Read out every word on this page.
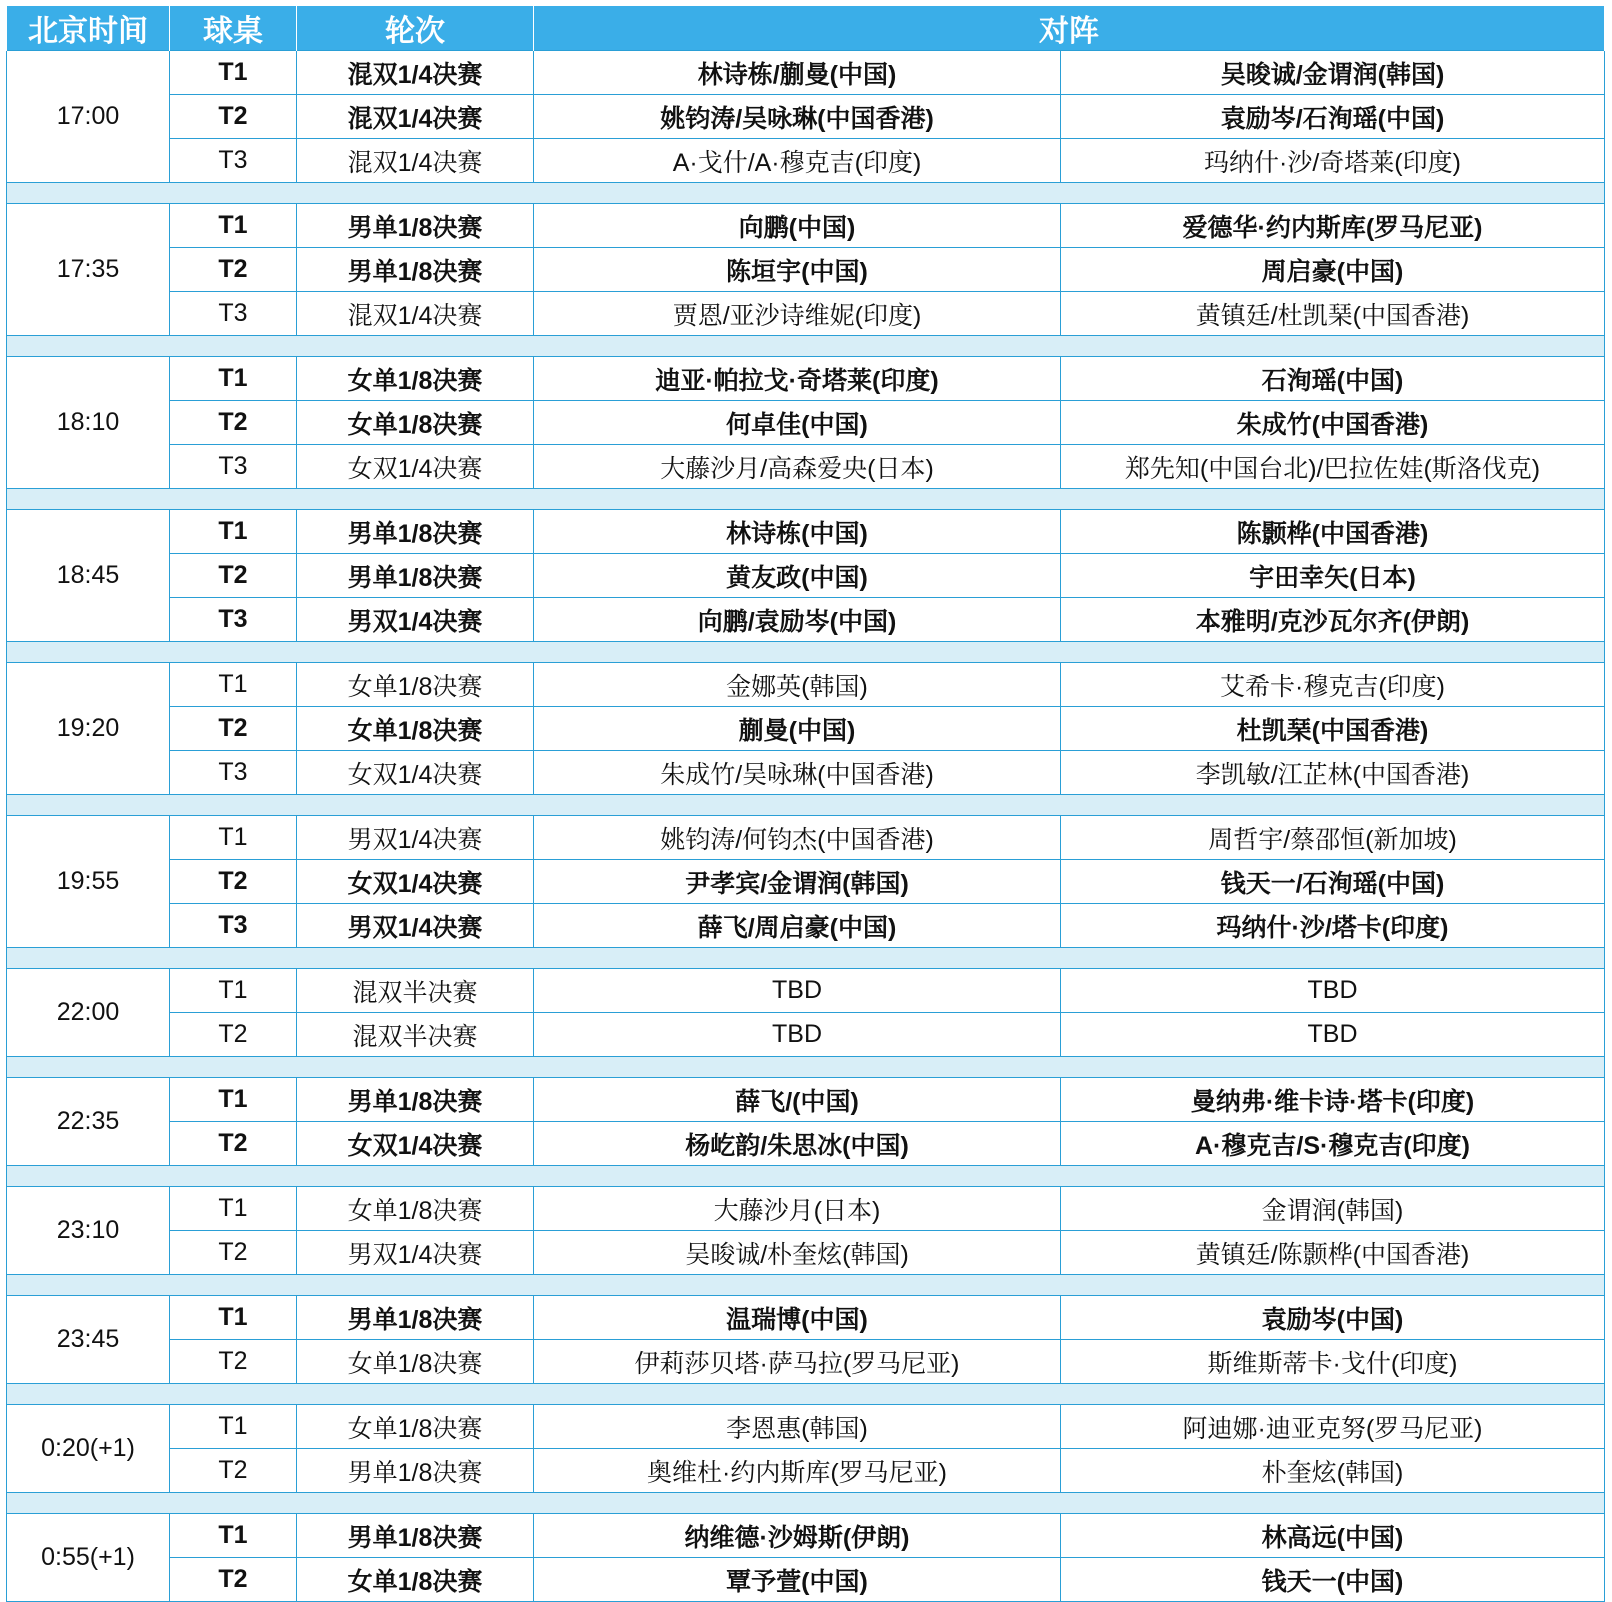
北京时间	球桌	轮次	对阵	
17:00	T1	混双1/4决赛	林诗栋/蒯曼(中国)	吴晙诚/金谓润(韩国)
	T2	混双1/4决赛	姚钧涛/吴咏琳(中国香港)	袁励岑/石洵瑶(中国)
	T3	混双1/4决赛	A·戈什/A·穆克吉(印度)	玛纳什·沙/奇塔莱(印度)

17:35	T1	男单1/8决赛	向鹏(中国)	爱德华·约内斯库(罗马尼亚)
	T2	男单1/8决赛	陈垣宇(中国)	周启豪(中国)
	T3	混双1/4决赛	贾恩/亚沙诗维妮(印度)	黄镇廷/杜凯琹(中国香港)

18:10	T1	女单1/8决赛	迪亚·帕拉戈·奇塔莱(印度)	石洵瑶(中国)
	T2	女单1/8决赛	何卓佳(中国)	朱成竹(中国香港)
	T3	女双1/4决赛	大藤沙月/高森爱央(日本)	郑先知(中国台北)/巴拉佐娃(斯洛伐克)

18:45	T1	男单1/8决赛	林诗栋(中国)	陈颢桦(中国香港)
	T2	男单1/8决赛	黄友政(中国)	宇田幸矢(日本)
	T3	男双1/4决赛	向鹏/袁励岑(中国)	本雅明/克沙瓦尔齐(伊朗)

19:20	T1	女单1/8决赛	金娜英(韩国)	艾希卡·穆克吉(印度)
	T2	女单1/8决赛	蒯曼(中国)	杜凯琹(中国香港)
	T3	女双1/4决赛	朱成竹/吴咏琳(中国香港)	李凯敏/江芷林(中国香港)

19:55	T1	男双1/4决赛	姚钧涛/何钧杰(中国香港)	周哲宇/蔡邵恒(新加坡)
	T2	女双1/4决赛	尹孝宾/金谓润(韩国)	钱天一/石洵瑶(中国)
	T3	男双1/4决赛	薛飞/周启豪(中国)	玛纳什·沙/塔卡(印度)

22:00	T1	混双半决赛	TBD	TBD
	T2	混双半决赛	TBD	TBD

22:35	T1	男单1/8决赛	薛飞/(中国)	曼纳弗·维卡诗·塔卡(印度)
	T2	女双1/4决赛	杨屹韵/朱思冰(中国)	A·穆克吉/S·穆克吉(印度)

23:10	T1	女单1/8决赛	大藤沙月(日本)	金谓润(韩国)
	T2	男双1/4决赛	吴晙诚/朴奎炫(韩国)	黄镇廷/陈颢桦(中国香港)

23:45	T1	男单1/8决赛	温瑞博(中国)	袁励岑(中国)
	T2	女单1/8决赛	伊莉莎贝塔·萨马拉(罗马尼亚)	斯维斯蒂卡·戈什(印度)

0:20(+1)	T1	女单1/8决赛	李恩惠(韩国)	阿迪娜·迪亚克努(罗马尼亚)
	T2	男单1/8决赛	奥维杜·约内斯库(罗马尼亚)	朴奎炫(韩国)

0:55(+1)	T1	男单1/8决赛	纳维德·沙姆斯(伊朗)	林高远(中国)
	T2	女单1/8决赛	覃予萱(中国)	钱天一(中国)
